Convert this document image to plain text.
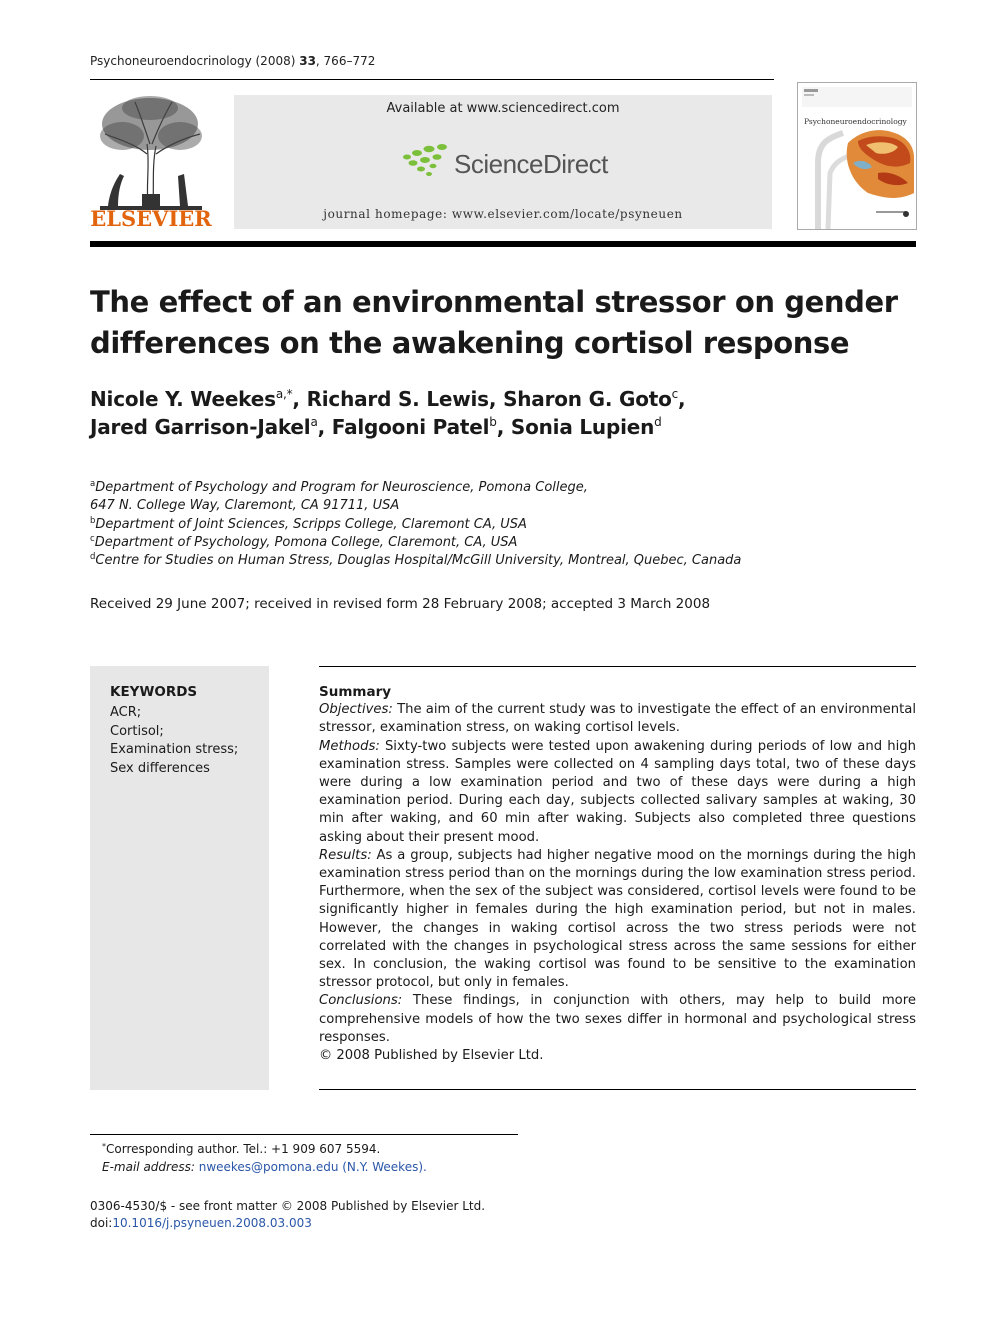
Psychoneuroendocrinology (2008) 33, 766–772
ELSEVIER
Available at www.sciencedirect.com
ScienceDirect
journal homepage: www.elsevier.com/locate/psyneuen
Psychoneuroendocrinology
The effect of an environmental stressor on gender differences on the awakening cortisol response
Nicole Y. Weekes$^{a,*}$, Richard S. Lewis, Sharon G. Goto$^c$,
Jared Garrison-Jakel$^a$, Falgooni Patel$^b$, Sonia Lupien$^d$
$^a$Department of Psychology and Program for Neuroscience, Pomona College,
647 N. College Way, Claremont, CA 91711, USA
$^b$Department of Joint Sciences, Scripps College, Claremont CA, USA
$^c$Department of Psychology, Pomona College, Claremont, CA, USA
$^d$Centre for Studies on Human Stress, Douglas Hospital/McGill University, Montreal, Quebec, Canada
Received 29 June 2007; received in revised form 28 February 2008; accepted 3 March 2008
KEYWORDS
ACR;
Cortisol;
Examination stress;
Sex differences
Summary

Objectives: The aim of the current study was to investigate the effect of an environmental stressor, examination stress, on waking cortisol levels.

Methods: Sixty-two subjects were tested upon awakening during periods of low and high examination stress. Samples were collected on 4 sampling days total, two of these days were during a low examination period and two of these days were during a high examination period. During each day, subjects collected salivary samples at waking, 30 min after waking, and 60 min after waking. Subjects also completed three questions asking about their present mood.

Results: As a group, subjects had higher negative mood on the mornings during the high examination stress period than on the mornings during the low examination stress period. Furthermore, when the sex of the subject was considered, cortisol levels were found to be significantly higher in females during the high examination period, but not in males. However, the changes in waking cortisol across the two stress periods were not correlated with the changes in psychological stress across the same sessions for either sex. In conclusion, the waking cortisol was found to be sensitive to the examination stressor protocol, but only in females.

Conclusions: These findings, in conjunction with others, may help to build more comprehensive models of how the two sexes differ in hormonal and psychological stress responses.

© 2008 Published by Elsevier Ltd.

*Corresponding author. Tel.: +1 909 607 5594.
E-mail address: nweekes@pomona.edu (N.Y. Weekes).
0306-4530/$ - see front matter © 2008 Published by Elsevier Ltd.
doi:10.1016/j.psyneuen.2008.03.003
